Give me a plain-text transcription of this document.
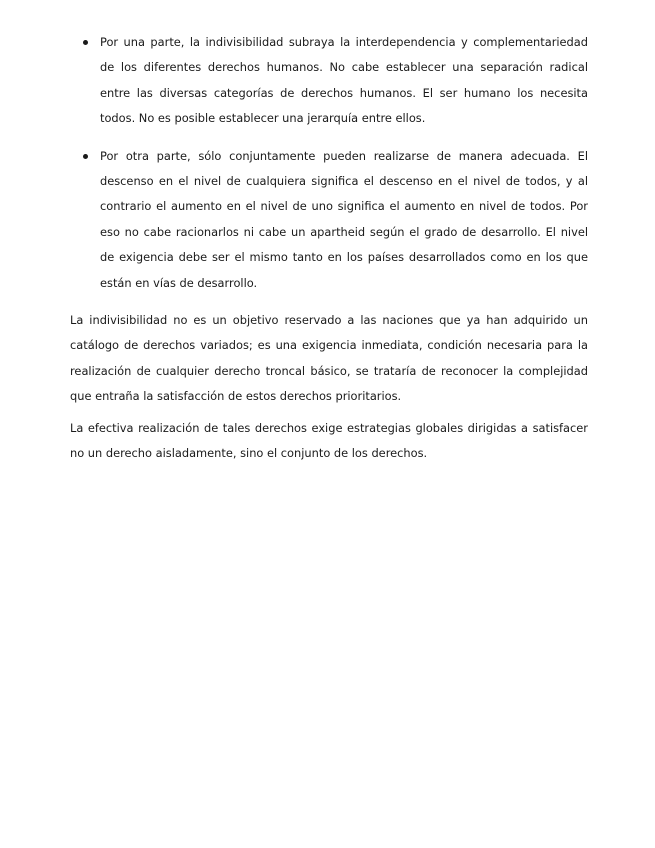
Por una parte, la indivisibilidad subraya la interdependencia y complementariedad de los diferentes derechos humanos. No cabe establecer una separación radical entre las diversas categorías de derechos humanos. El ser humano los necesita todos. No es posible establecer una jerarquía entre ellos.
Por otra parte, sólo conjuntamente pueden realizarse de manera adecuada. El descenso en el nivel de cualquiera significa el descenso en el nivel de todos, y al contrario el aumento en el nivel de uno significa el aumento en nivel de todos. Por eso no cabe racionarlos ni cabe un apartheid según el grado de desarrollo. El nivel de exigencia debe ser el mismo tanto en los países desarrollados como en los que están en vías de desarrollo.

La indivisibilidad no es un objetivo reservado a las naciones que ya han adquirido un catálogo de derechos variados; es una exigencia inmediata, condición necesaria para la realización de cualquier derecho troncal básico, se trataría de reconocer la complejidad que entraña la satisfacción de estos derechos prioritarios.

La efectiva realización de tales derechos exige estrategias globales dirigidas a satisfacer no un derecho aisladamente, sino el conjunto de los derechos.
